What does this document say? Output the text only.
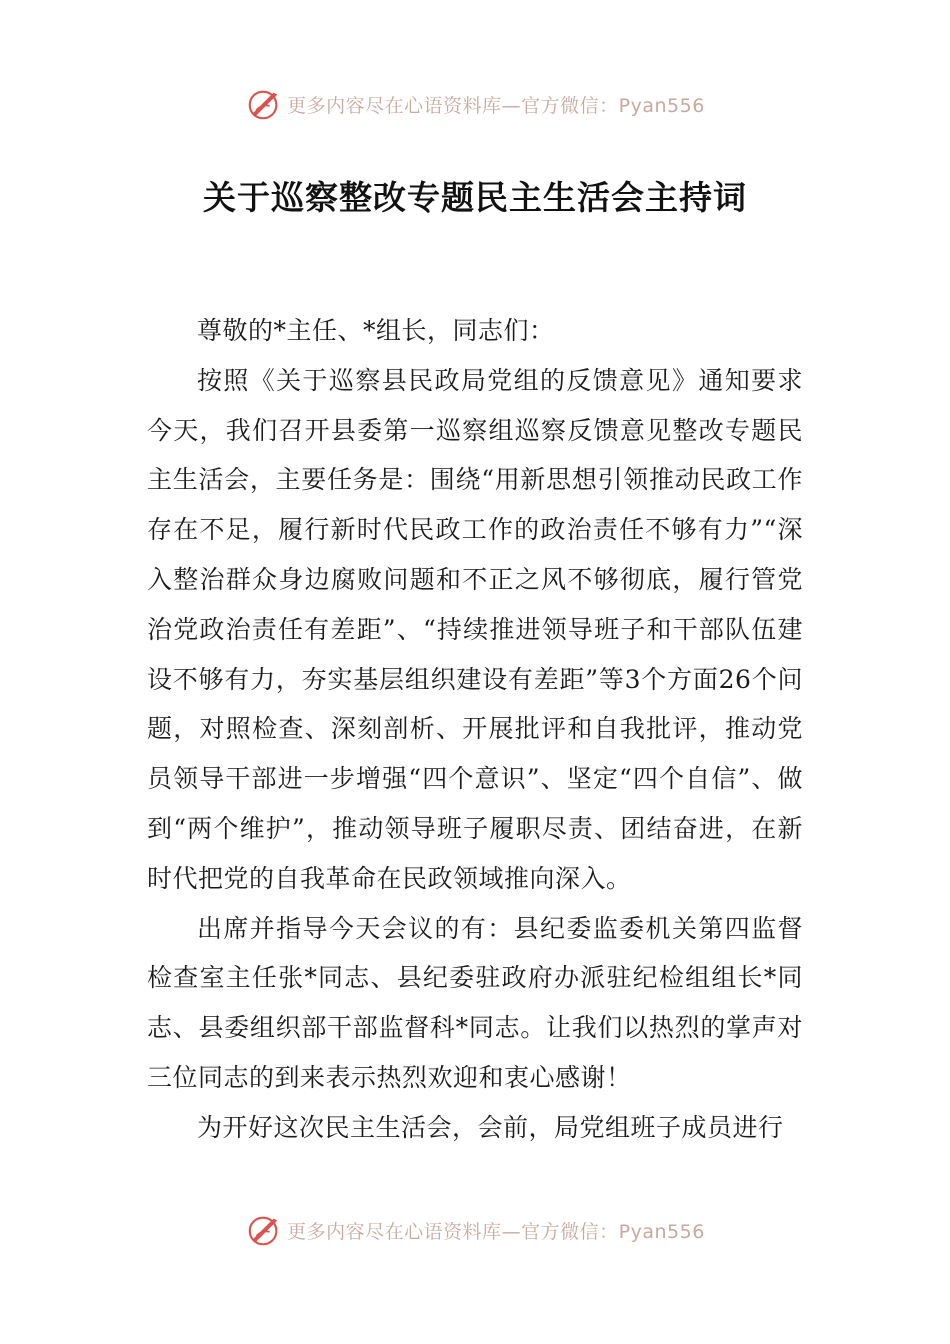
更多内容尽在心语资料库—官方微信：Pyan556
关于巡察整改专题民主生活会主持词

尊敬的*主任、*组长，同志们：

按照《关于巡察县民政局党组的反馈意见》通知要求今天，我们召开县委第一巡察组巡察反馈意见整改专题民主生活会，主要任务是：围绕“用新思想引领推动民政工作存在不足，履行新时代民政工作的政治责任不够有力”“深入整治群众身边腐败问题和不正之风不够彻底，履行管党治党政治责任有差距”、“持续推进领导班子和干部队伍建设不够有力，夯实基层组织建设有差距”等3个方面26个问题，对照检查、深刻剖析、开展批评和自我批评，推动党员领导干部进一步增强“四个意识”、坚定“四个自信”、做到“两个维护”，推动领导班子履职尽责、团结奋进，在新时代把党的自我革命在民政领域推向深入。

出席并指导今天会议的有：县纪委监委机关第四监督检查室主任张*同志、县纪委驻政府办派驻纪检组组长*同志、县委组织部干部监督科*同志。让我们以热烈的掌声对三位同志的到来表示热烈欢迎和衷心感谢！

为开好这次民主生活会，会前，局党组班子成员进行

更多内容尽在心语资料库—官方微信：Pyan556
